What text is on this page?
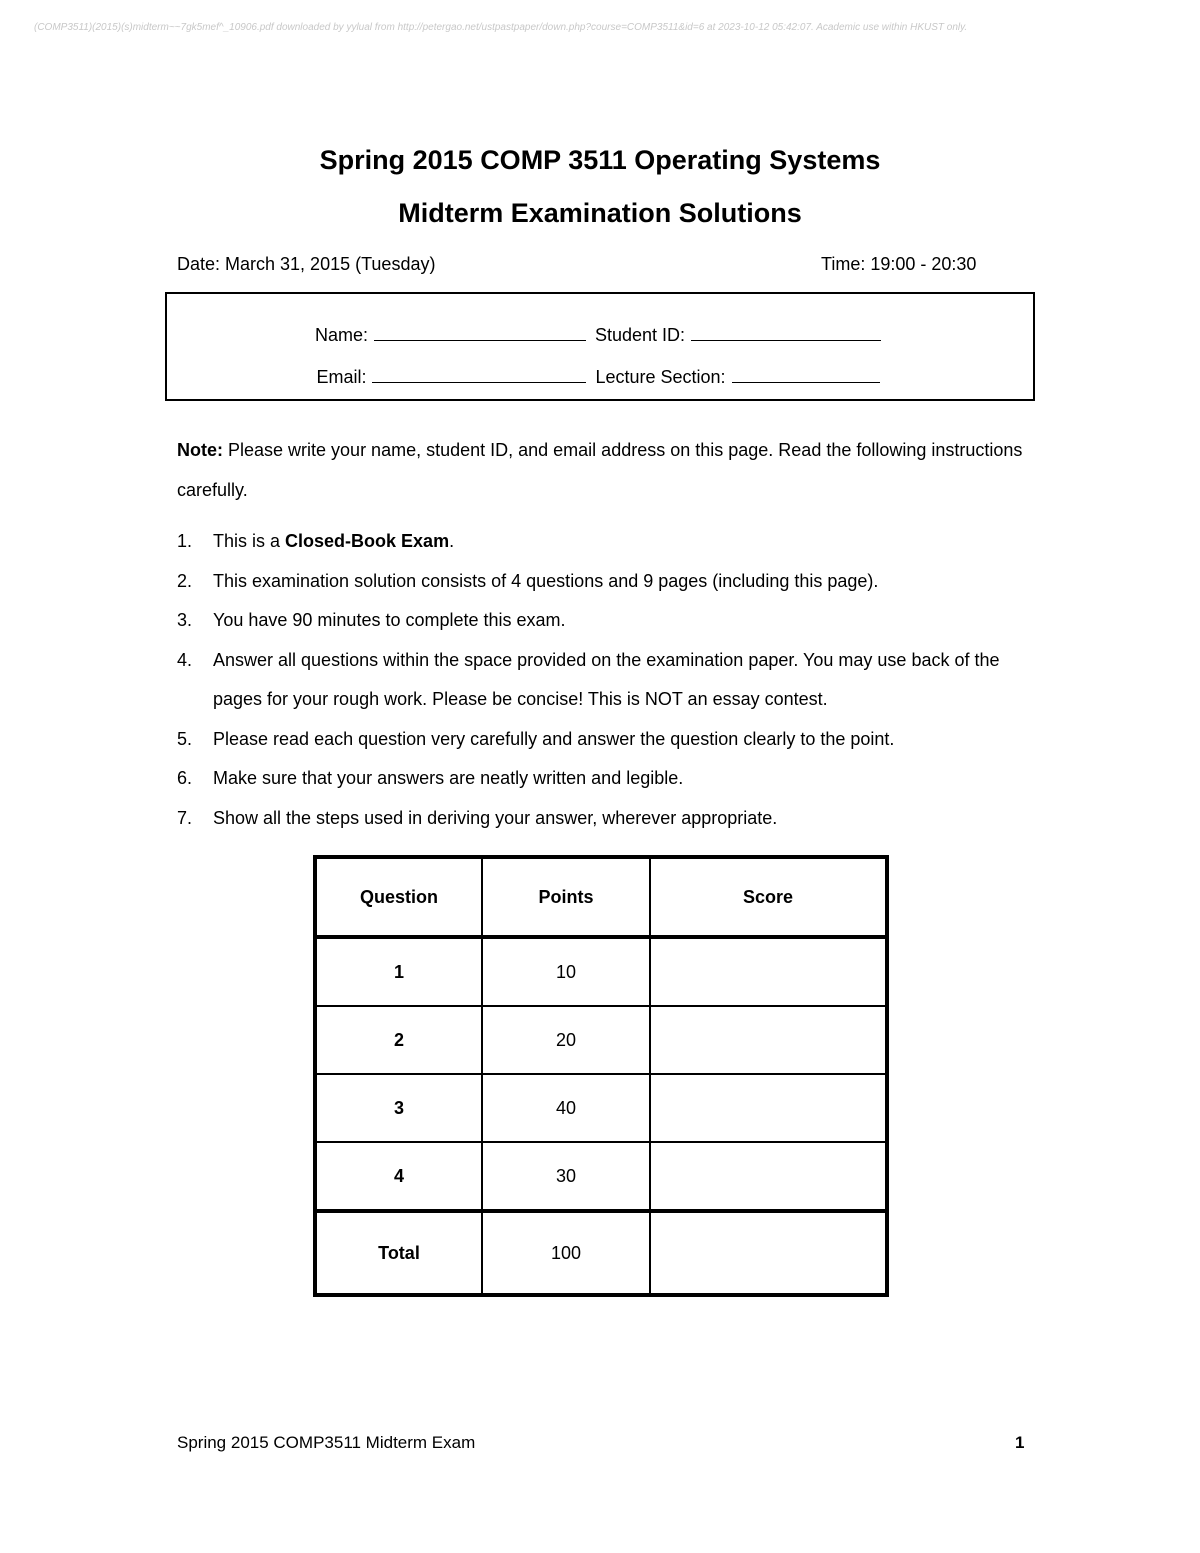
(COMP3511)(2015)(s)midterm~~7gk5mef^_10906.pdf downloaded by yylual from http://petergao.net/ustpastpaper/down.php?course=COMP3511&id=6 at 2023-10-12 05:42:07. Academic use within HKUST only.
Spring 2015 COMP 3511 Operating Systems
Midterm Examination Solutions
Date: March 31, 2015 (Tuesday)	Time: 19:00 - 20:30
Name:	Student ID:
Email:	Lecture Section:
Note: Please write your name, student ID, and email address on this page. Read the following instructions carefully.
1. This is a Closed-Book Exam.
2. This examination solution consists of 4 questions and 9 pages (including this page).
3. You have 90 minutes to complete this exam.
4. Answer all questions within the space provided on the examination paper. You may use back of the pages for your rough work. Please be concise! This is NOT an essay contest.
5. Please read each question very carefully and answer the question clearly to the point.
6. Make sure that your answers are neatly written and legible.
7. Show all the steps used in deriving your answer, wherever appropriate.
Question	Points	Score
1	10	
2	20	
3	40	
4	30	
Total	100	
Spring 2015 COMP3511 Midterm Exam	1
